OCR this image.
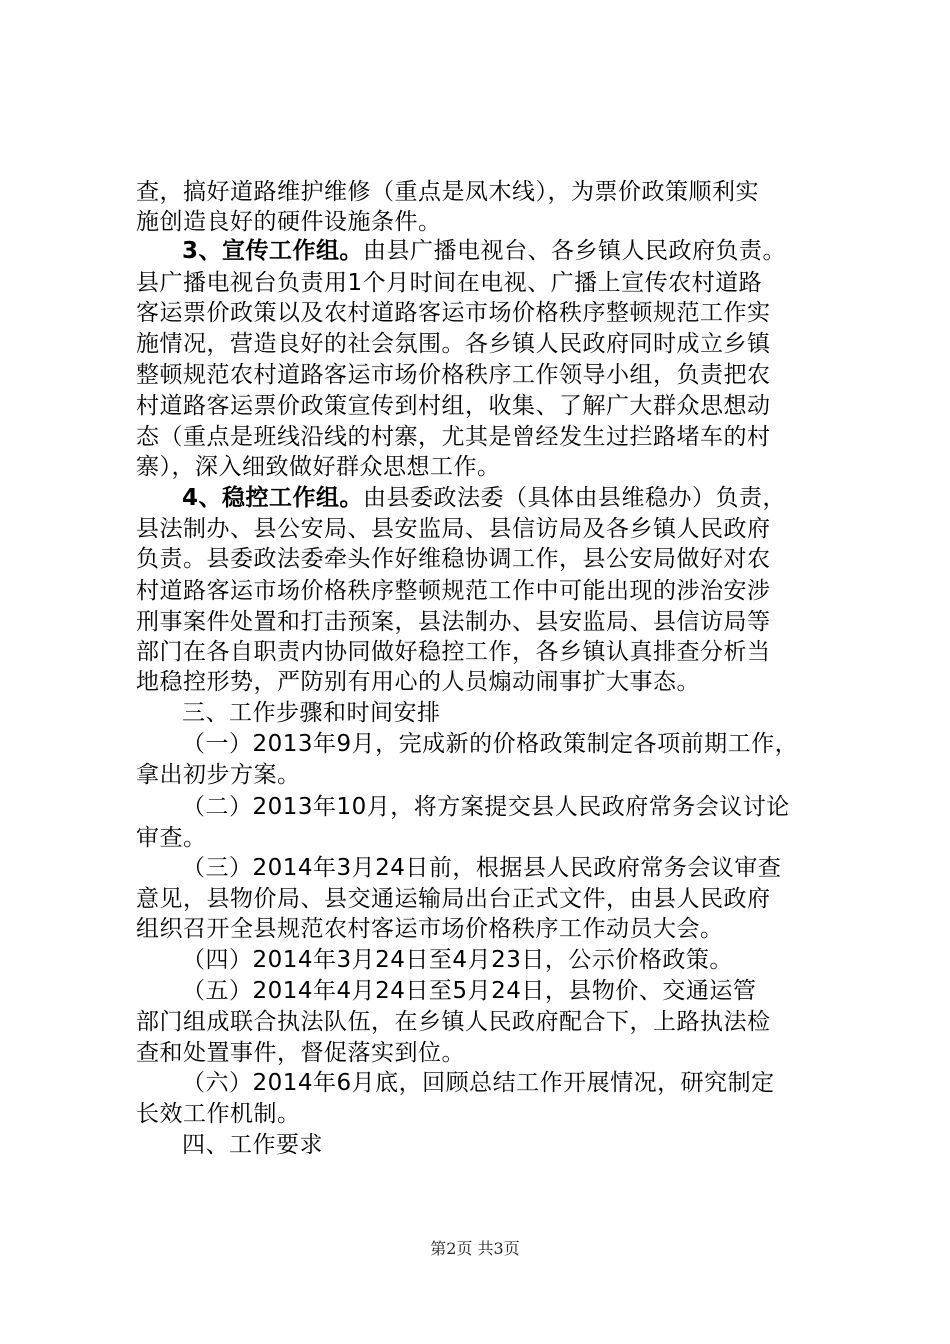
查，搞好道路维护维修（重点是凤木线），为票价政策顺利实
施创造良好的硬件设施条件。
3、宣传工作组。由县广播电视台、各乡镇人民政府负责。
县广播电视台负责用1个月时间在电视、广播上宣传农村道路
客运票价政策以及农村道路客运市场价格秩序整顿规范工作实
施情况，营造良好的社会氛围。各乡镇人民政府同时成立乡镇
整顿规范农村道路客运市场价格秩序工作领导小组，负责把农
村道路客运票价政策宣传到村组，收集、了解广大群众思想动
态（重点是班线沿线的村寨，尤其是曾经发生过拦路堵车的村
寨），深入细致做好群众思想工作。
4、稳控工作组。由县委政法委（具体由县维稳办）负责，
县法制办、县公安局、县安监局、县信访局及各乡镇人民政府
负责。县委政法委牵头作好维稳协调工作，县公安局做好对农
村道路客运市场价格秩序整顿规范工作中可能出现的涉治安涉
刑事案件处置和打击预案，县法制办、县安监局、县信访局等
部门在各自职责内协同做好稳控工作，各乡镇认真排查分析当
地稳控形势，严防别有用心的人员煽动闹事扩大事态。
三、工作步骤和时间安排
（一）2013年9月，完成新的价格政策制定各项前期工作，
拿出初步方案。
（二）2013年10月，将方案提交县人民政府常务会议讨论
审查。
（三）2014年3月24日前，根据县人民政府常务会议审查
意见，县物价局、县交通运输局出台正式文件，由县人民政府
组织召开全县规范农村客运市场价格秩序工作动员大会。
（四）2014年3月24日至4月23日，公示价格政策。
（五）2014年4月24日至5月24日，县物价、交通运管
部门组成联合执法队伍，在乡镇人民政府配合下，上路执法检
查和处置事件，督促落实到位。
（六）2014年6月底，回顾总结工作开展情况，研究制定
长效工作机制。
四、工作要求
第2页 共3页
